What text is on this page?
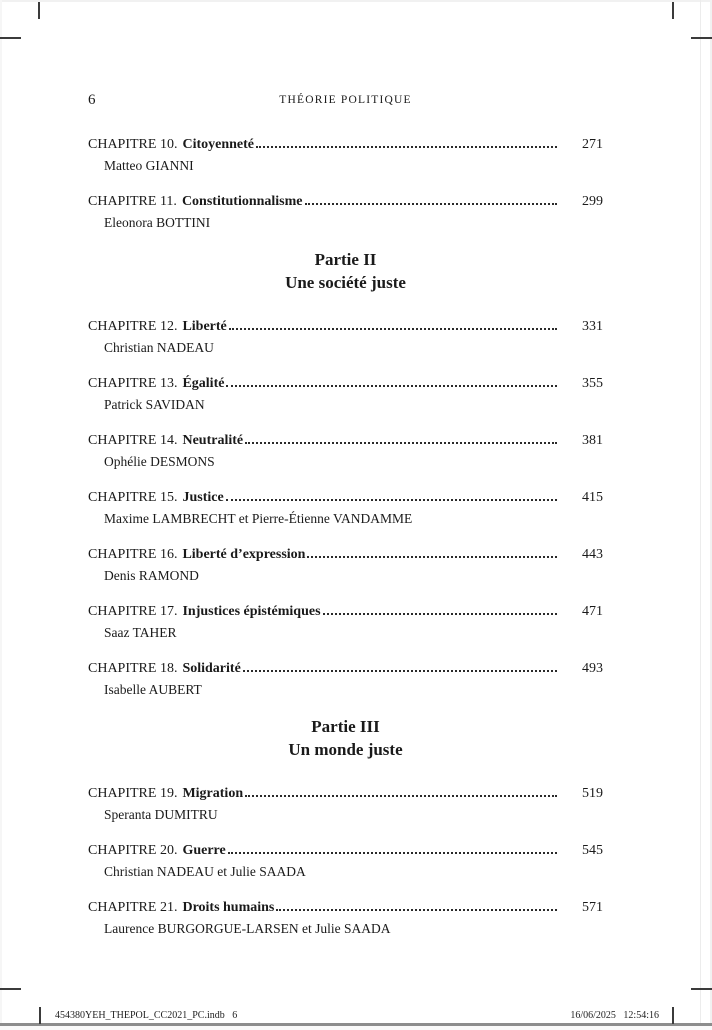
6	THÉORIE POLITIQUE
CHAPITRE 10. Citoyenneté	271
Matteo GIANNI
CHAPITRE 11. Constitutionnalisme	299
Eleonora BOTTINI
Partie II
Une société juste
CHAPITRE 12. Liberté	331
Christian NADEAU
CHAPITRE 13. Égalité	355
Patrick SAVIDAN
CHAPITRE 14. Neutralité	381
Ophélie DESMONS
CHAPITRE 15. Justice	415
Maxime LAMBRECHT et Pierre-Étienne VANDAMME
CHAPITRE 16. Liberté d’expression	443
Denis RAMOND
CHAPITRE 17. Injustices épistémiques	471
Saaz TAHER
CHAPITRE 18. Solidarité	493
Isabelle AUBERT
Partie III
Un monde juste
CHAPITRE 19. Migration	519
Speranta DUMITRU
CHAPITRE 20. Guerre	545
Christian NADEAU et Julie SAADA
CHAPITRE 21. Droits humains	571
Laurence BURGORGUE-LARSEN et Julie SAADA
454380YEH_THEPOL_CC2021_PC.indb   6	16/06/2025   12:54:16
